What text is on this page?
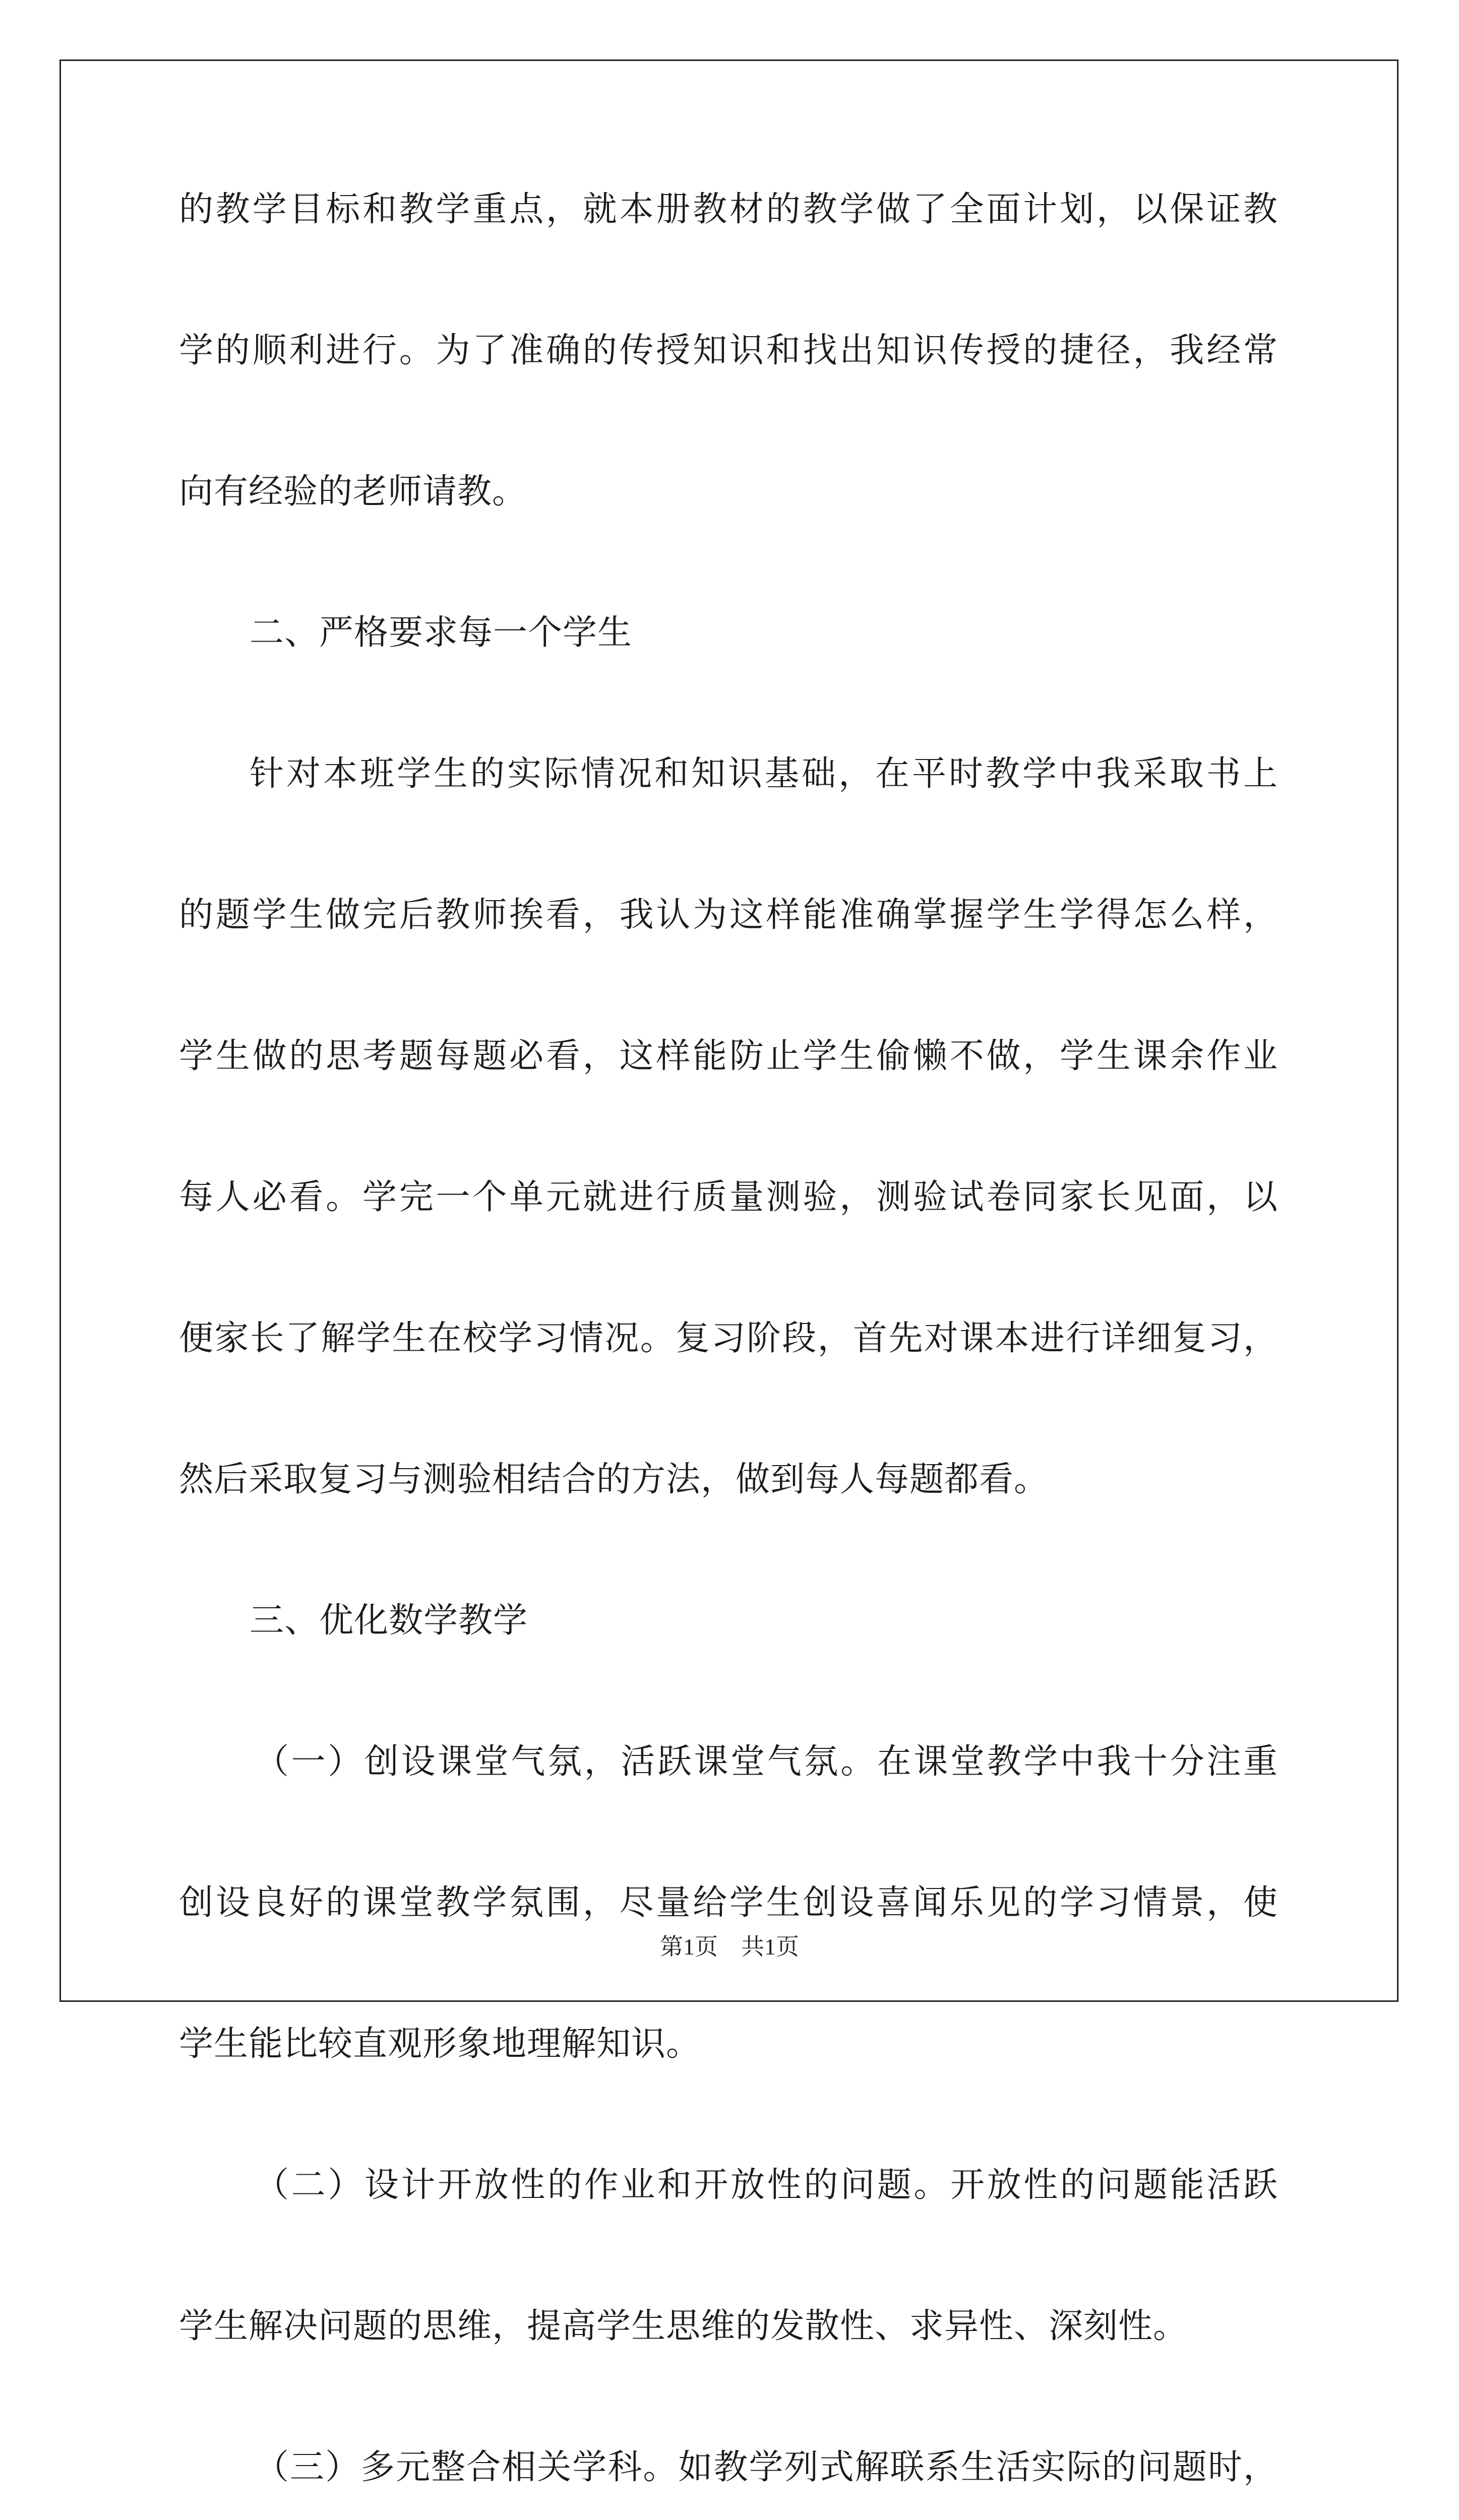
的教学目标和教学重点，就本册教材的教学做了全面计划，以保证教
学的顺利进行。为了准确的传授知识和找出知识传授的捷径，我经常
向有经验的老师请教。
二、严格要求每一个学生
针对本班学生的实际情况和知识基础，在平时教学中我采取书上
的题学生做完后教师挨看，我认为这样能准确掌握学生学得怎么样，
学生做的思考题每题必看，这样能防止学生偷懒不做，学生课余作业
每人必看。学完一个单元就进行质量测验，测验试卷同家长见面，以
便家长了解学生在校学习情况。复习阶段，首先对课本进行详细复习，
然后采取复习与测验相结合的方法，做到每人每题都看。
三、优化数学教学
（一）创设课堂气氛，活跃课堂气氛。在课堂教学中我十分注重
创设良好的课堂教学氛围，尽量给学生创设喜闻乐见的学习情景，使
学生能比较直观形象地理解知识。
（二）设计开放性的作业和开放性的问题。开放性的问题能活跃
学生解决问题的思维，提高学生思维的发散性、求异性、深刻性。
（三）多元整合相关学科。如教学列式解联系生活实际的问题时，
第1页　共1页
